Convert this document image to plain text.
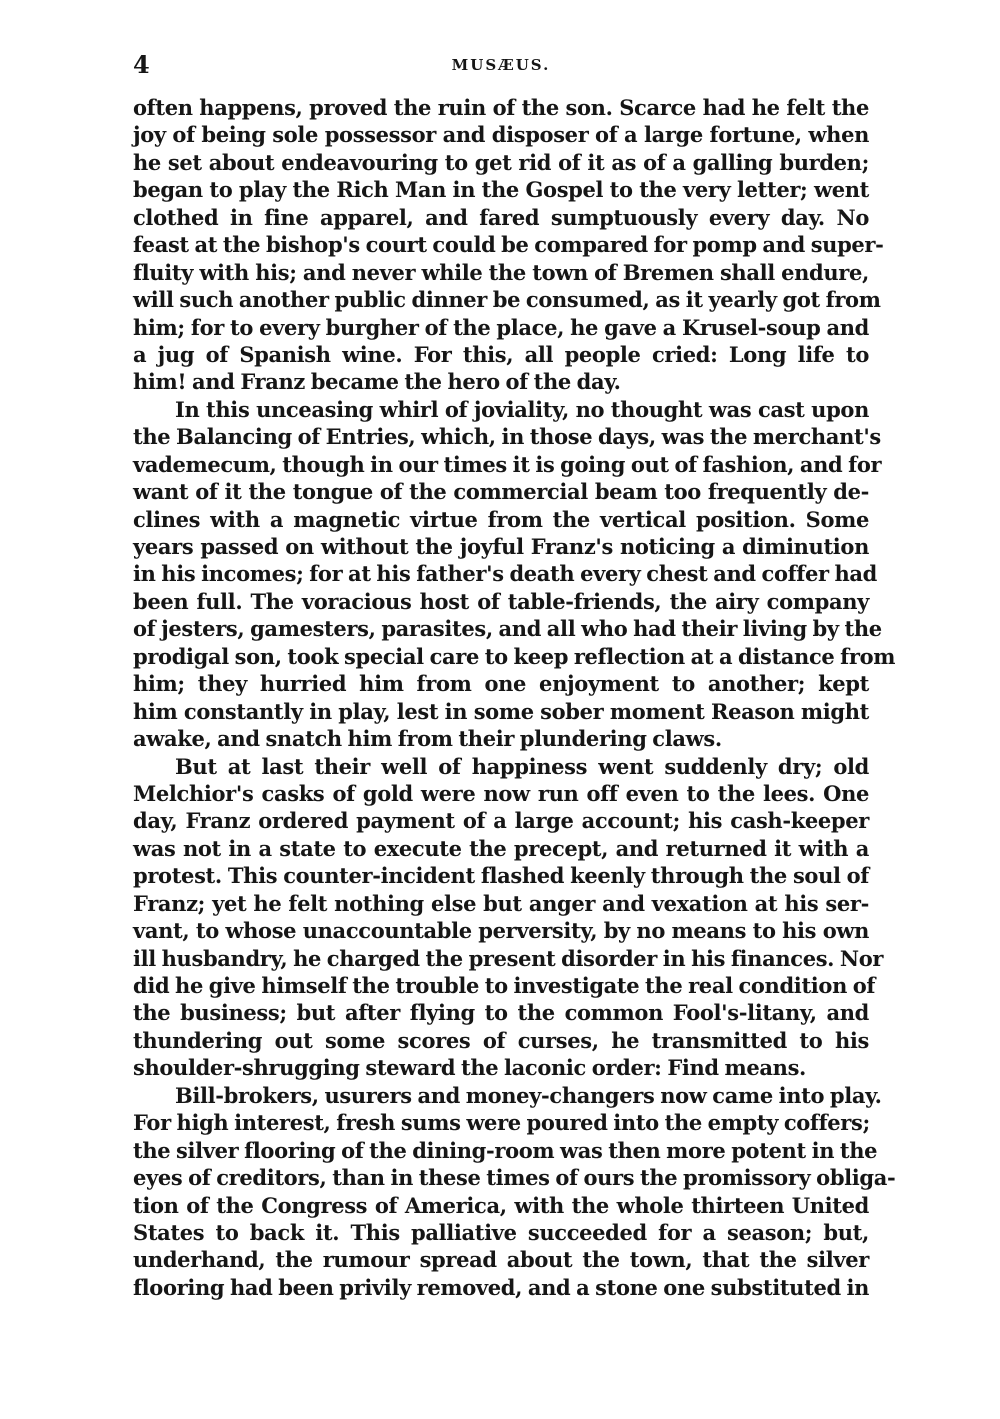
4	MUSÆUS.
often happens, proved the ruin of the son. Scarce had he felt the
joy of being sole possessor and disposer of a large fortune, when
he set about endeavouring to get rid of it as of a galling burden;
began to play the Rich Man in the Gospel to the very letter; went
clothed in fine apparel, and fared sumptuously every day. No
feast at the bishop's court could be compared for pomp and super-
fluity with his; and never while the town of Bremen shall endure,
will such another public dinner be consumed, as it yearly got from
him; for to every burgher of the place, he gave a Krusel-soup and
a jug of Spanish wine. For this, all people cried: Long life to
him! and Franz became the hero of the day.
In this unceasing whirl of joviality, no thought was cast upon
the Balancing of Entries, which, in those days, was the merchant's
vademecum, though in our times it is going out of fashion, and for
want of it the tongue of the commercial beam too frequently de-
clines with a magnetic virtue from the vertical position. Some
years passed on without the joyful Franz's noticing a diminution
in his incomes; for at his father's death every chest and coffer had
been full. The voracious host of table-friends, the airy company
of jesters, gamesters, parasites, and all who had their living by the
prodigal son, took special care to keep reflection at a distance from
him; they hurried him from one enjoyment to another; kept
him constantly in play, lest in some sober moment Reason might
awake, and snatch him from their plundering claws.
But at last their well of happiness went suddenly dry; old
Melchior's casks of gold were now run off even to the lees. One
day, Franz ordered payment of a large account; his cash-keeper
was not in a state to execute the precept, and returned it with a
protest. This counter-incident flashed keenly through the soul of
Franz; yet he felt nothing else but anger and vexation at his ser-
vant, to whose unaccountable perversity, by no means to his own
ill husbandry, he charged the present disorder in his finances. Nor
did he give himself the trouble to investigate the real condition of
the business; but after flying to the common Fool's-litany, and
thundering out some scores of curses, he transmitted to his
shoulder-shrugging steward the laconic order: Find means.
Bill-brokers, usurers and money-changers now came into play.
For high interest, fresh sums were poured into the empty coffers;
the silver flooring of the dining-room was then more potent in the
eyes of creditors, than in these times of ours the promissory obliga-
tion of the Congress of America, with the whole thirteen United
States to back it. This palliative succeeded for a season; but,
underhand, the rumour spread about the town, that the silver
flooring had been privily removed, and a stone one substituted in
